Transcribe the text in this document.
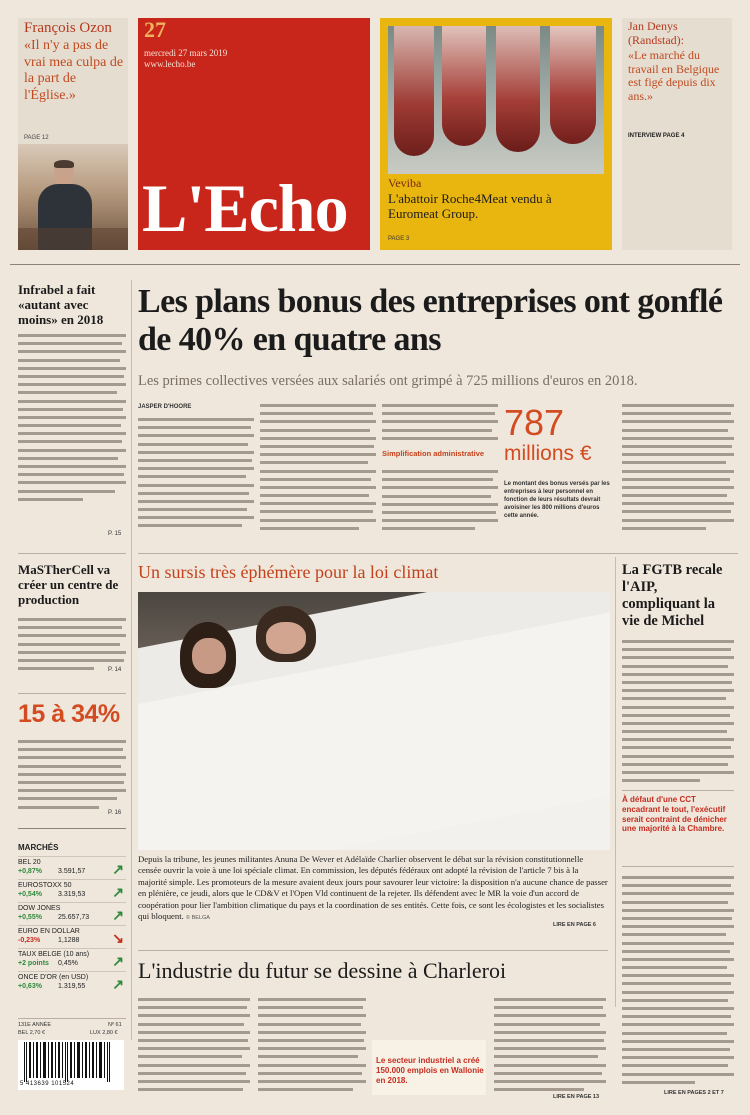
François Ozon
«Il n'y a pas de vrai mea culpa de la part de l'Église.»
PAGE 12
27
mercredi 27 mars 2019
www.lecho.be
L'Echo	Veviba
L'abattoir Roche4Meat vendu à Euromeat Group.
PAGE 3
Jan Denys (Randstad):
«Le marché du travail en Belgique est figé depuis dix ans.»
INTERVIEW PAGE 4
Infrabel a fait «autant avec moins» en 2018
P. 15
MaSTherCell va créer un centre de production
P. 14
15 à 34%
P. 16
MARCHÉS
BEL 20
+0,87% 3.591,57 ↗
EUROSTOXX 50
+0,54% 3.319,53 ↗
DOW JONES
+0,55% 25.657,73 ↗
EURO EN DOLLAR
-0,23%	1,1288 ↘
TAUX BELGE (10 ans)
+2 points 0,45% ↗
ONCE D'OR (en USD)
+0,63% 1.319,55 ↗
Les plans bonus des entreprises ont gonflé de 40% en quatre ans
Les primes collectives versées aux salariés ont grimpé à 725 millions d'euros en 2018.
JASPER D'HOORE
Simplification administrative
787
millions €
Le montant des bonus versés par les entreprises à leur personnel en fonction de leurs résultats devrait avoisiner les 800 millions d'euros cette année.
Un sursis très éphémère pour la loi climat
Depuis la tribune, les jeunes militantes Anuna De Wever et Adélaïde Charlier observent le débat sur la révision constitutionnelle censée ouvrir la voie à une loi spéciale climat. En commission, les députés fédéraux ont adopté la révision de l'article 7 bis à la majorité simple. Les promoteurs de la mesure avaient deux jours pour savourer leur victoire: la disposition n'a aucune chance de passer en plénière, ce jeudi, alors que le CD&V et l'Open Vld continuent de la rejeter. Ils défendent avec le MR la voie d'un accord de coopération pour lier l'ambition climatique du pays et la coordination de ses entités. Cette fois, ce sont les écologistes et les socialistes qui bloquent. © BELGA
LIRE EN PAGE 6
La FGTB recale l'AIP, compliquant la vie de Michel
À défaut d'une CCT encadrant le tout, l'exécutif serait contraint de dénicher une majorité à la Chambre.
LIRE EN PAGES 2 ET 7
L'industrie du futur se dessine à Charleroi
Le secteur industriel a créé 150.000 emplois en Wallonie en 2018.
LIRE EN PAGE 13
131E ANNÉE	Nº 61
BEL 2,70 €	LUX 2,80 €
5 413639 101524
